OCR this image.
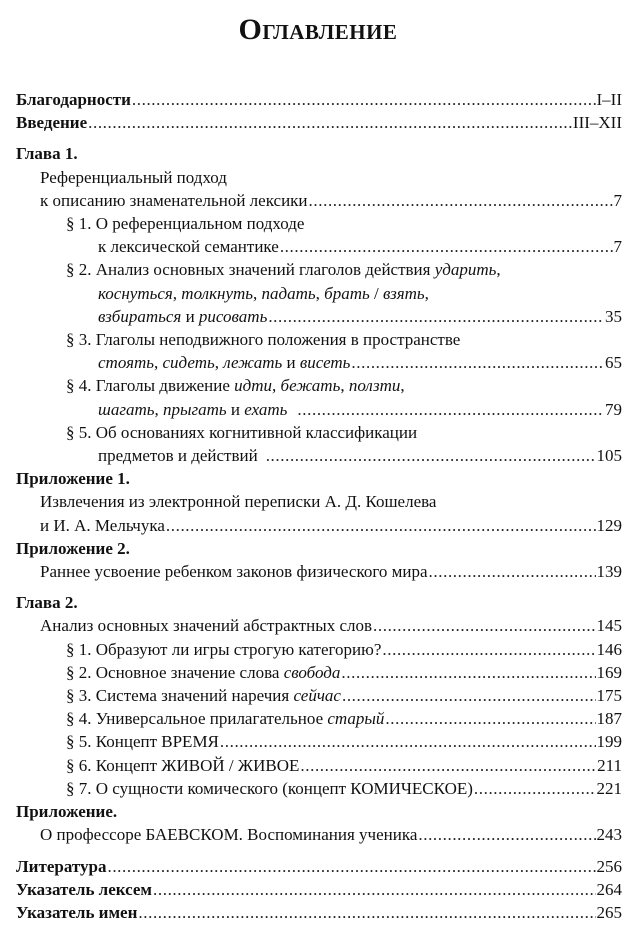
Оглавление
Благодарности .....	I–II
Введение .....	III–XII
Глава 1.
Референциальный подход
к описанию знаменательной лексики .....	7
§ 1. О референциальном подходе
к лексической семантике .....	7
§ 2. Анализ основных значений глаголов действия ударить,
коснуться, толкнуть, падать, брать / взять,
взбираться и рисовать .....	35
§ 3. Глаголы неподвижного положения в пространстве
стоять, сидеть, лежать и висеть .....	65
§ 4. Глаголы движение идти, бежать, ползти,
шагать, прыгать и ехать .....	79
§ 5. Об основаниях когнитивной классификации
предметов и действий .....	105
Приложение 1.
Извлечения из электронной переписки А. Д. Кошелева
и И. А. Мельчука .....	129
Приложение 2.
Раннее усвоение ребенком законов физического мира .....	139
Глава 2.
Анализ основных значений абстрактных слов .....	145
§ 1. Образуют ли игры строгую категорию? .....	146
§ 2. Основное значение слова свобода .....	169
§ 3. Система значений наречия сейчас .....	175
§ 4. Универсальное прилагательное старый .....	187
§ 5. Концепт ВРЕМЯ .....	199
§ 6. Концепт ЖИВОЙ / ЖИВОЕ .....	211
§ 7. О сущности комического (концепт КОМИЧЕСКОЕ) .....	221
Приложение.
О профессоре БАЕВСКОМ. Воспоминания ученика .....	243
Литература .....	256
Указатель лексем .....	264
Указатель имен .....	265
